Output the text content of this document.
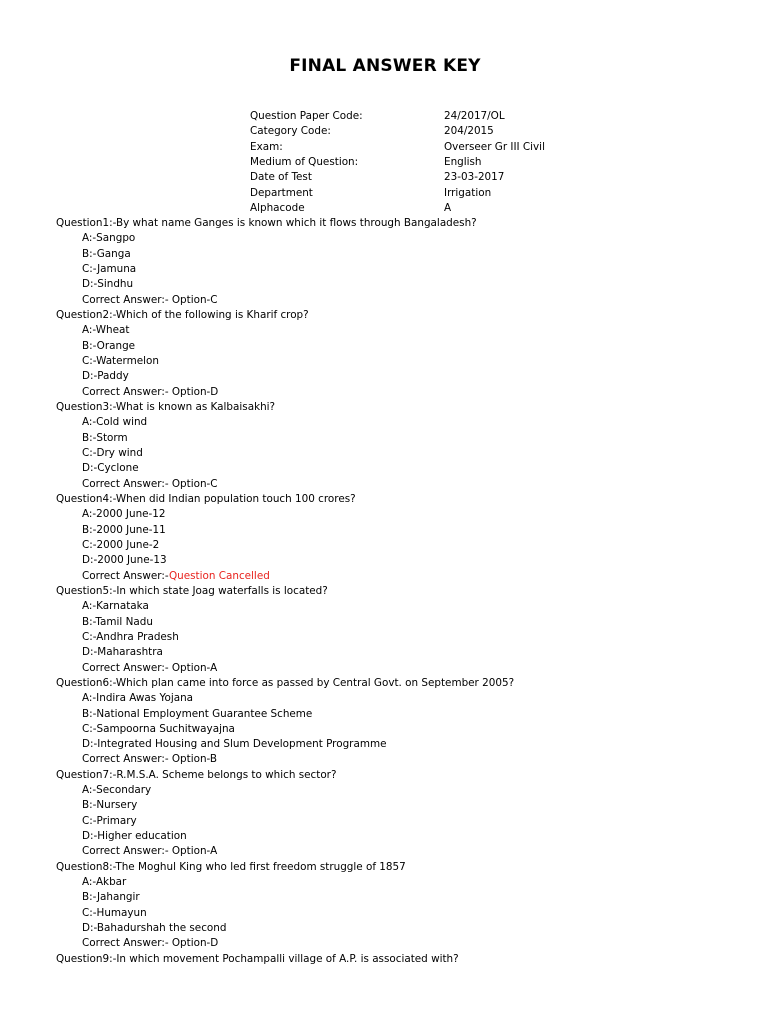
FINAL ANSWER KEY
Question Paper Code:	24/2017/OL
Category Code:	204/2015
Exam:	Overseer Gr III Civil
Medium of Question:	English
Date of Test	23-03-2017
Department	Irrigation
Alphacode	A
Question1:-By what name Ganges is known which it flows through Bangaladesh?
A:-Sangpo
B:-Ganga
C:-Jamuna
D:-Sindhu
Correct Answer:- Option-C
Question2:-Which of the following is Kharif crop?
A:-Wheat
B:-Orange
C:-Watermelon
D:-Paddy
Correct Answer:- Option-D
Question3:-What is known as Kalbaisakhi?
A:-Cold wind
B:-Storm
C:-Dry wind
D:-Cyclone
Correct Answer:- Option-C
Question4:-When did Indian population touch 100 crores?
A:-2000 June-12
B:-2000 June-11
C:-2000 June-2
D:-2000 June-13
Correct Answer:-Question Cancelled
Question5:-In which state Joag waterfalls is located?
A:-Karnataka
B:-Tamil Nadu
C:-Andhra Pradesh
D:-Maharashtra
Correct Answer:- Option-A
Question6:-Which plan came into force as passed by Central Govt. on September 2005?
A:-Indira Awas Yojana
B:-National Employment Guarantee Scheme
C:-Sampoorna Suchitwayajna
D:-Integrated Housing and Slum Development Programme
Correct Answer:- Option-B
Question7:-R.M.S.A. Scheme belongs to which sector?
A:-Secondary
B:-Nursery
C:-Primary
D:-Higher education
Correct Answer:- Option-A
Question8:-The Moghul King who led first freedom struggle of 1857
A:-Akbar
B:-Jahangir
C:-Humayun
D:-Bahadurshah the second
Correct Answer:- Option-D
Question9:-In which movement Pochampalli village of A.P. is associated with?
